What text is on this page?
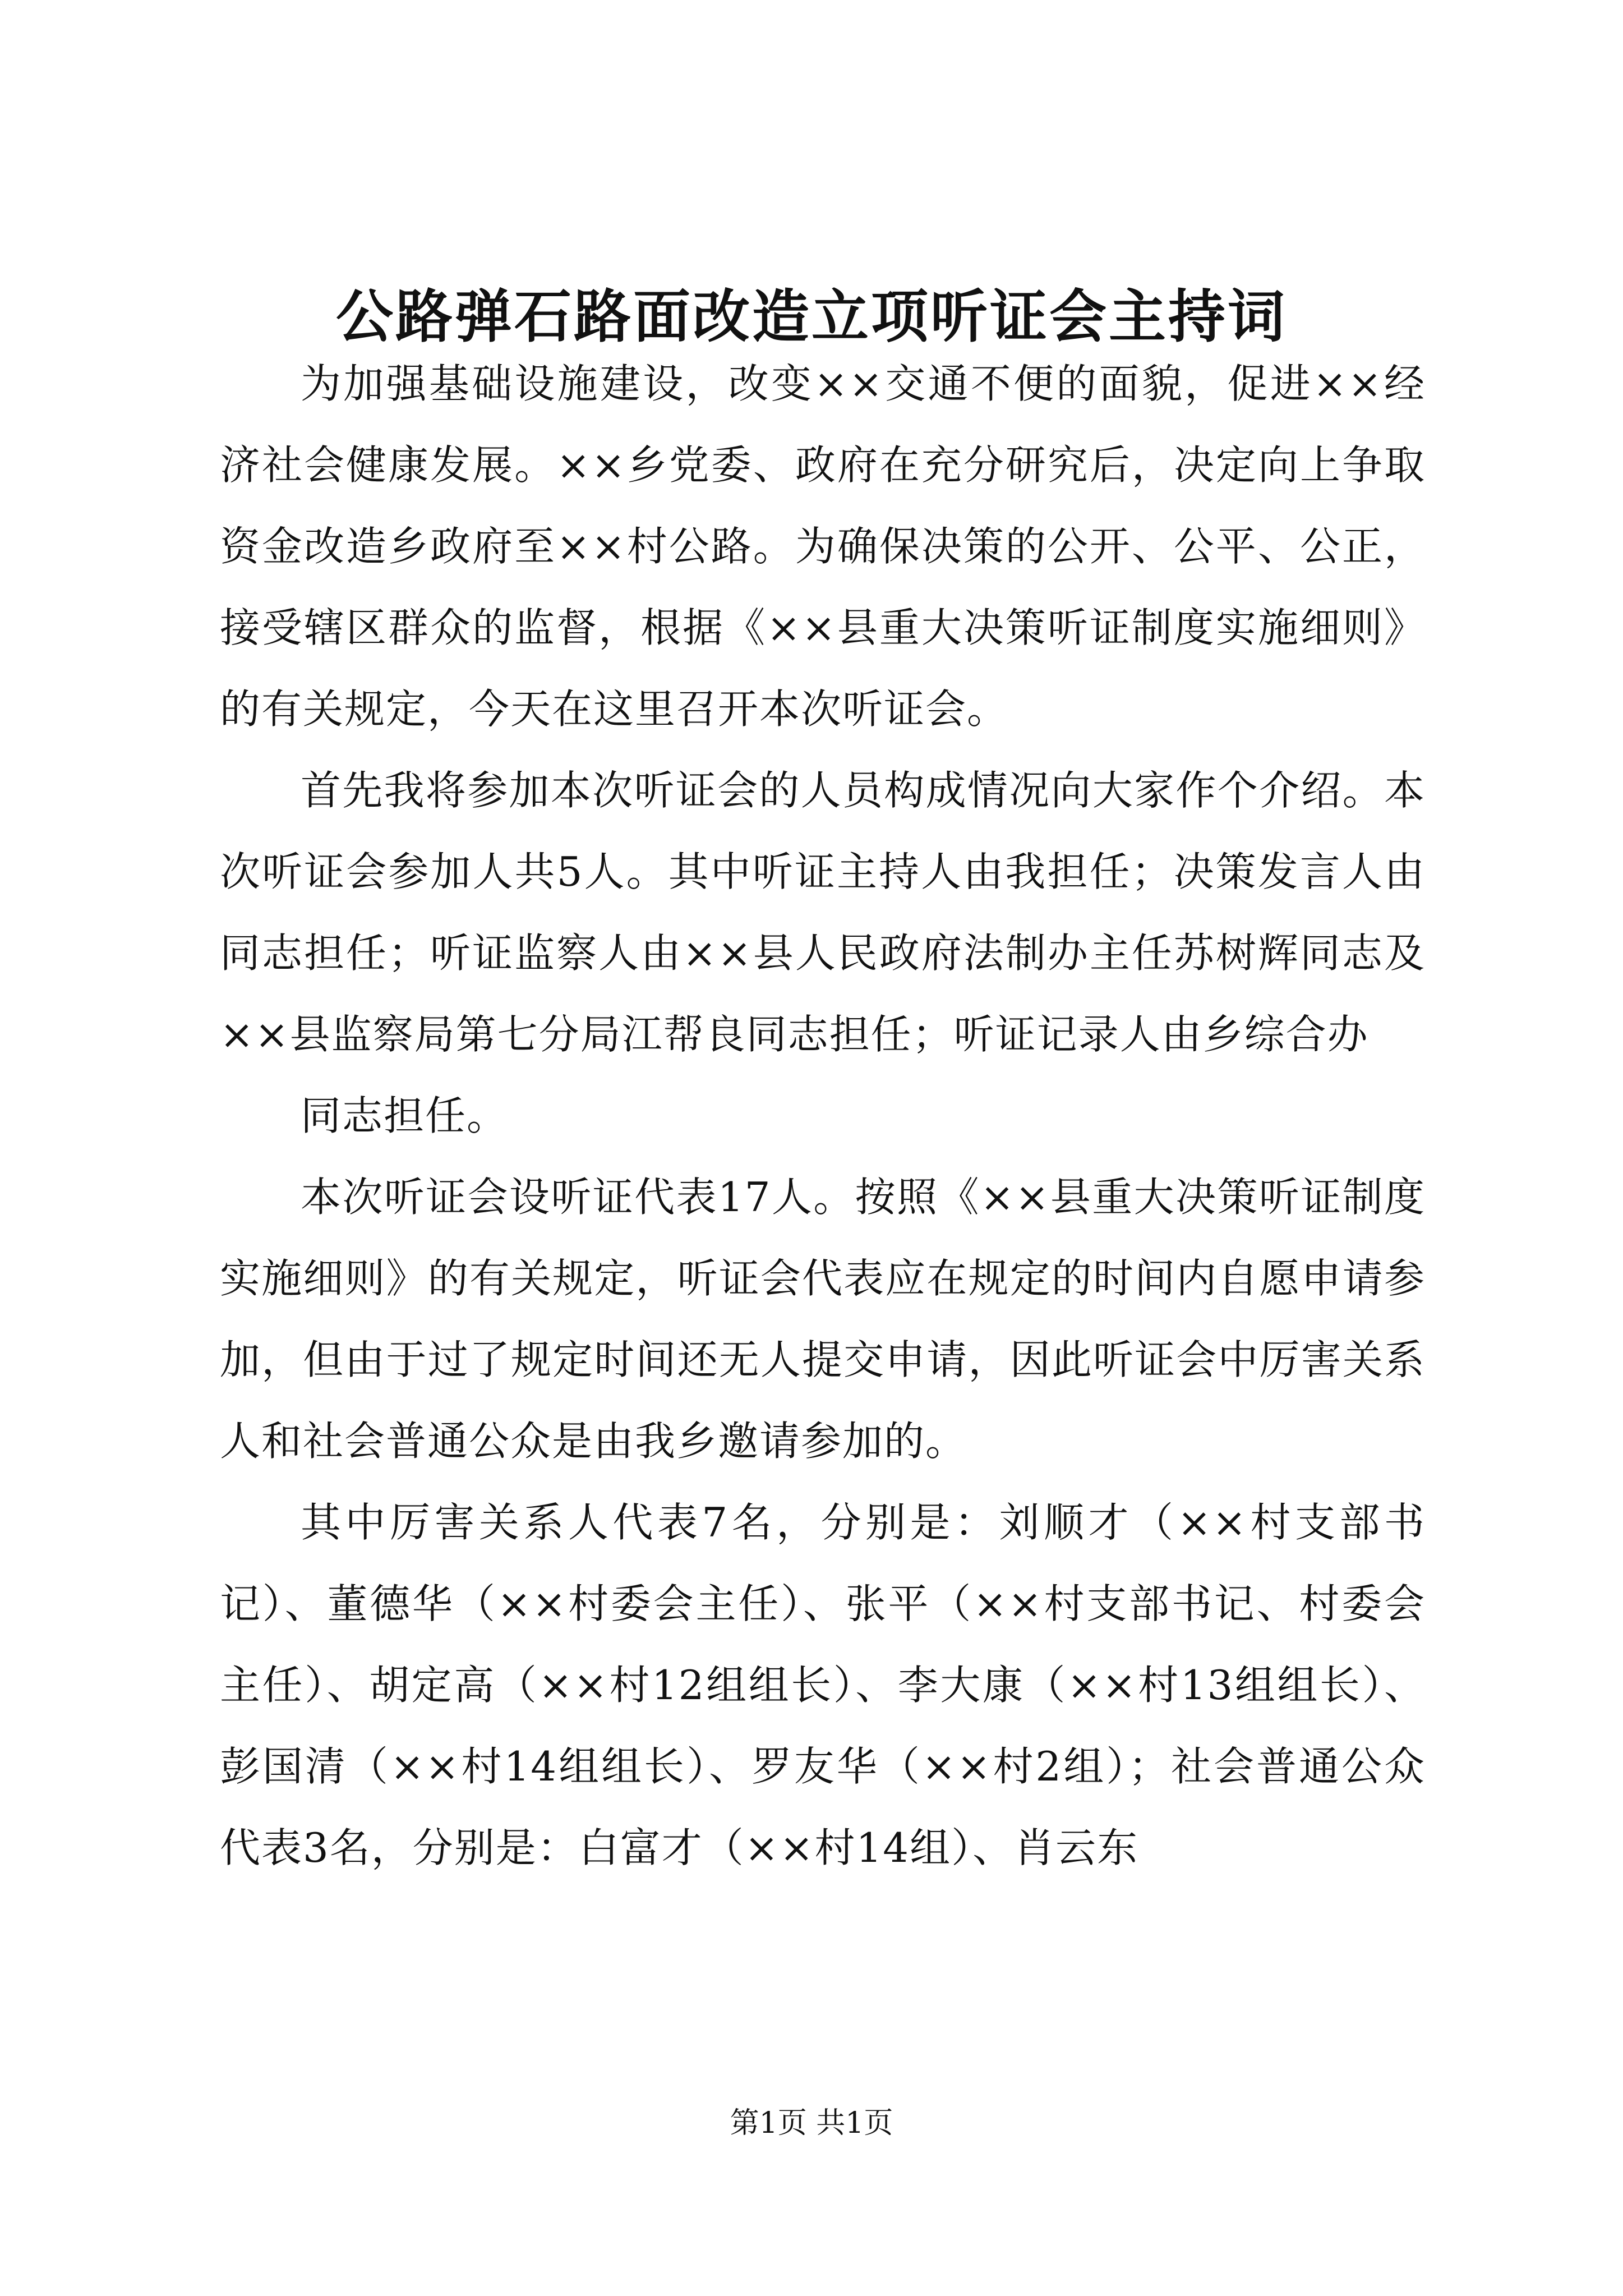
公路弹石路面改造立项听证会主持词

为加强基础设施建设，改变××交通不便的面貌，促进××经济社会健康发展。××乡党委、政府在充分研究后，决定向上争取资金改造乡政府至××村公路。为确保决策的公开、公平、公正，接受辖区群众的监督，根据《××县重大决策听证制度实施细则》的有关规定，今天在这里召开本次听证会。

首先我将参加本次听证会的人员构成情况向大家作个介绍。本次听证会参加人共5人。其中听证主持人由我担任；决策发言人由同志担任；听证监察人由××县人民政府法制办主任苏树辉同志及××县监察局第七分局江帮良同志担任；听证记录人由乡综合办

同志担任。

本次听证会设听证代表17人。按照《××县重大决策听证制度实施细则》的有关规定，听证会代表应在规定的时间内自愿申请参加，但由于过了规定时间还无人提交申请，因此听证会中厉害关系人和社会普通公众是由我乡邀请参加的。

其中厉害关系人代表7名，分别是：刘顺才（××村支部书记）、董德华（××村委会主任）、张平（××村支部书记、村委会主任）、胡定高（××村12组组长）、李大康（××村13组组长）、彭国清（××村14组组长）、罗友华（××村2组）；社会普通公众代表3名，分别是：白富才（××村14组）、肖云东

第1页 共1页
